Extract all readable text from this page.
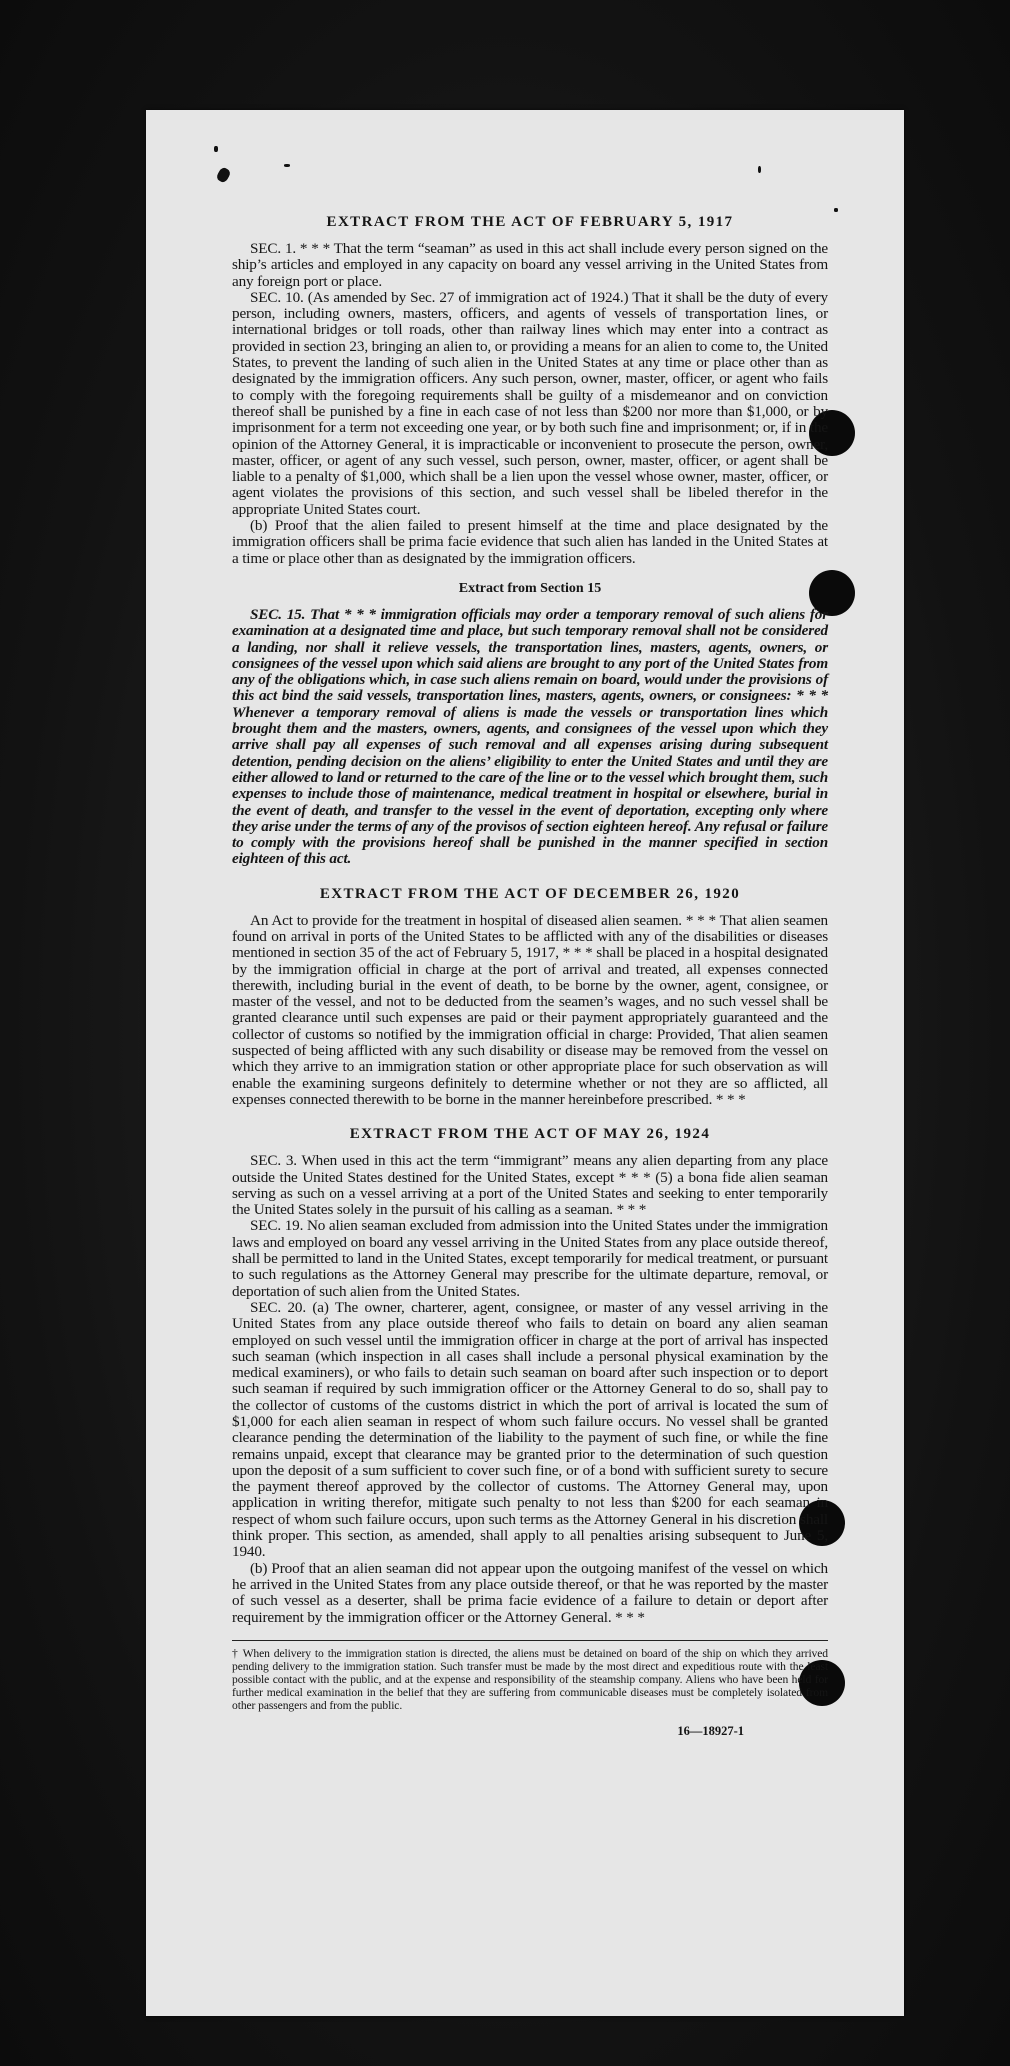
EXTRACT FROM THE ACT OF FEBRUARY 5, 1917

SEC. 1. * * * That the term “seaman” as used in this act shall include every person signed on the ship’s articles and employed in any capacity on board any vessel arriving in the United States from any foreign port or place.

SEC. 10. (As amended by Sec. 27 of immigration act of 1924.) That it shall be the duty of every person, including owners, masters, officers, and agents of vessels of transportation lines, or international bridges or toll roads, other than railway lines which may enter into a contract as provided in section 23, bringing an alien to, or providing a means for an alien to come to, the United States, to prevent the landing of such alien in the United States at any time or place other than as designated by the immigration officers. Any such person, owner, master, officer, or agent who fails to comply with the foregoing requirements shall be guilty of a misdemeanor and on conviction thereof shall be punished by a fine in each case of not less than $200 nor more than $1,000, or by imprisonment for a term not exceeding one year, or by both such fine and imprisonment; or, if in the opinion of the Attorney General, it is impracticable or inconvenient to prosecute the person, owner, master, officer, or agent of any such vessel, such person, owner, master, officer, or agent shall be liable to a penalty of $1,000, which shall be a lien upon the vessel whose owner, master, officer, or agent violates the provisions of this section, and such vessel shall be libeled therefor in the appropriate United States court.

(b) Proof that the alien failed to present himself at the time and place designated by the immigration officers shall be prima facie evidence that such alien has landed in the United States at a time or place other than as designated by the immigration officers.

Extract from Section 15

SEC. 15. That * * * immigration officials may order a temporary removal of such aliens for examination at a designated time and place, but such temporary removal shall not be considered a landing, nor shall it relieve vessels, the transportation lines, masters, agents, owners, or consignees of the vessel upon which said aliens are brought to any port of the United States from any of the obligations which, in case such aliens remain on board, would under the provisions of this act bind the said vessels, transportation lines, masters, agents, owners, or consignees: * * * Whenever a temporary removal of aliens is made the vessels or transportation lines which brought them and the masters, owners, agents, and consignees of the vessel upon which they arrive shall pay all expenses of such removal and all expenses arising during subsequent detention, pending decision on the aliens’ eligibility to enter the United States and until they are either allowed to land or returned to the care of the line or to the vessel which brought them, such expenses to include those of maintenance, medical treatment in hospital or elsewhere, burial in the event of death, and transfer to the vessel in the event of deportation, excepting only where they arise under the terms of any of the provisos of section eighteen hereof. Any refusal or failure to comply with the provisions hereof shall be punished in the manner specified in section eighteen of this act.

EXTRACT FROM THE ACT OF DECEMBER 26, 1920

An Act to provide for the treatment in hospital of diseased alien seamen. * * * That alien seamen found on arrival in ports of the United States to be afflicted with any of the disabilities or diseases mentioned in section 35 of the act of February 5, 1917, * * * shall be placed in a hospital designated by the immigration official in charge at the port of arrival and treated, all expenses connected therewith, including burial in the event of death, to be borne by the owner, agent, consignee, or master of the vessel, and not to be deducted from the seamen’s wages, and no such vessel shall be granted clearance until such expenses are paid or their payment appropriately guaranteed and the collector of customs so notified by the immigration official in charge: Provided, That alien seamen suspected of being afflicted with any such disability or disease may be removed from the vessel on which they arrive to an immigration station or other appropriate place for such observation as will enable the examining surgeons definitely to determine whether or not they are so afflicted, all expenses connected therewith to be borne in the manner hereinbefore prescribed. * * *

EXTRACT FROM THE ACT OF MAY 26, 1924

SEC. 3. When used in this act the term “immigrant” means any alien departing from any place outside the United States destined for the United States, except * * * (5) a bona fide alien seaman serving as such on a vessel arriving at a port of the United States and seeking to enter temporarily the United States solely in the pursuit of his calling as a seaman. * * *

SEC. 19. No alien seaman excluded from admission into the United States under the immigration laws and employed on board any vessel arriving in the United States from any place outside thereof, shall be permitted to land in the United States, except temporarily for medical treatment, or pursuant to such regulations as the Attorney General may prescribe for the ultimate departure, removal, or deportation of such alien from the United States.

SEC. 20. (a) The owner, charterer, agent, consignee, or master of any vessel arriving in the United States from any place outside thereof who fails to detain on board any alien seaman employed on such vessel until the immigration officer in charge at the port of arrival has inspected such seaman (which inspection in all cases shall include a personal physical examination by the medical examiners), or who fails to detain such seaman on board after such inspection or to deport such seaman if required by such immigration officer or the Attorney General to do so, shall pay to the collector of customs of the customs district in which the port of arrival is located the sum of $1,000 for each alien seaman in respect of whom such failure occurs. No vessel shall be granted clearance pending the determination of the liability to the payment of such fine, or while the fine remains unpaid, except that clearance may be granted prior to the determination of such question upon the deposit of a sum sufficient to cover such fine, or of a bond with sufficient surety to secure the payment thereof approved by the collector of customs. The Attorney General may, upon application in writing therefor, mitigate such penalty to not less than $200 for each seaman in respect of whom such failure occurs, upon such terms as the Attorney General in his discretion shall think proper. This section, as amended, shall apply to all penalties arising subsequent to June 5, 1940.

(b) Proof that an alien seaman did not appear upon the outgoing manifest of the vessel on which he arrived in the United States from any place outside thereof, or that he was reported by the master of such vessel as a deserter, shall be prima facie evidence of a failure to detain or deport after requirement by the immigration officer or the Attorney General. * * *

† When delivery to the immigration station is directed, the aliens must be detained on board of the ship on which they arrived pending delivery to the immigration station. Such transfer must be made by the most direct and expeditious route with the least possible contact with the public, and at the expense and responsibility of the steamship company. Aliens who have been held for further medical examination in the belief that they are suffering from communicable diseases must be completely isolated from other passengers and from the public.

16—18927-1
